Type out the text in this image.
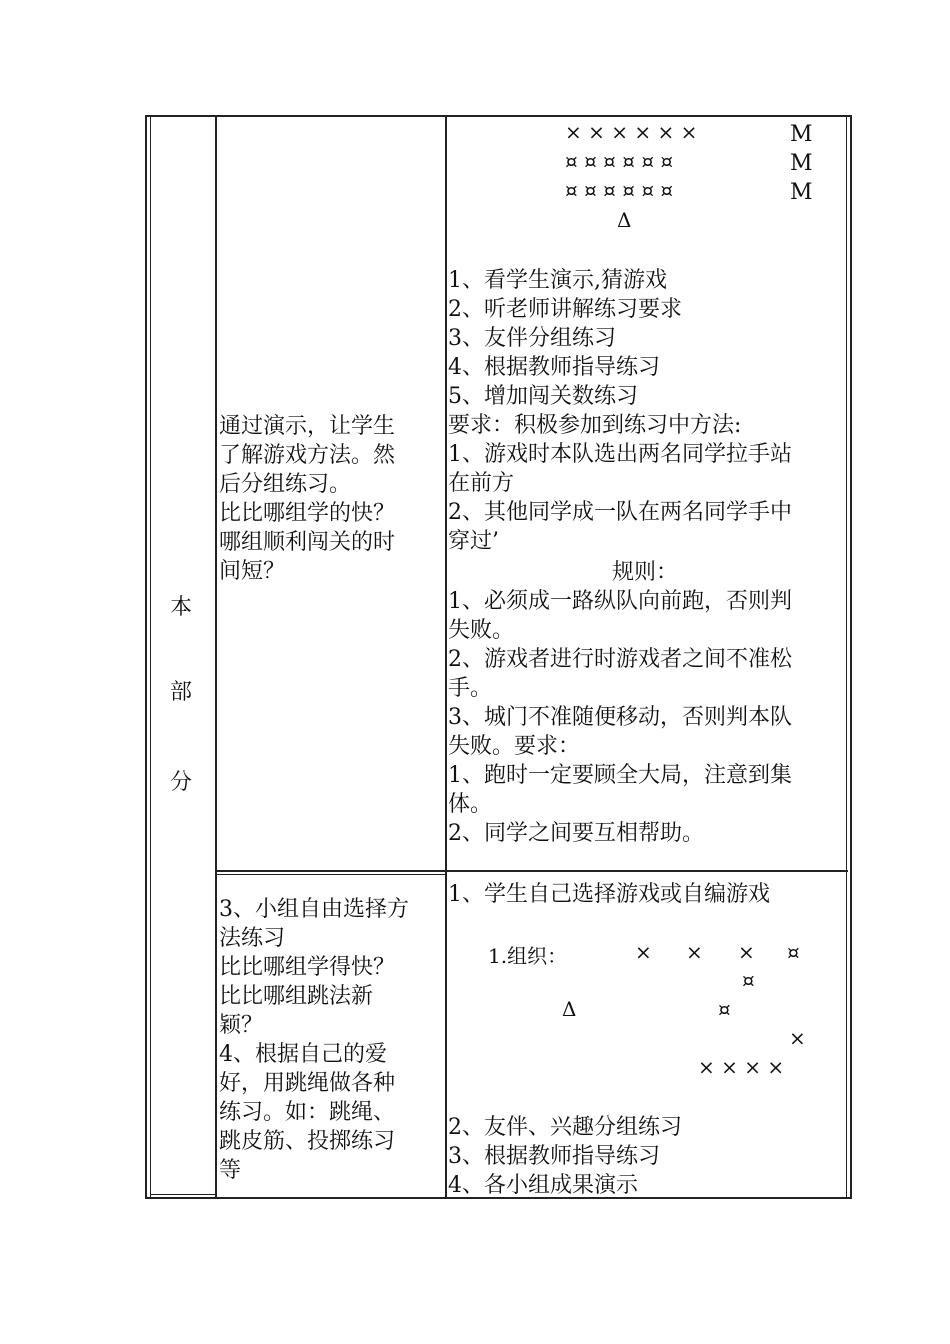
本
部
分
通过演示，让学生
了解游戏方法。然
后分组练习。
比比哪组学的快？
哪组顺利闯关的时
间短？
× × × × × ×
¤ ¤ ¤ ¤ ¤ ¤
¤ ¤ ¤ ¤ ¤ ¤
M
M
M
Δ
1、看学生演示,猜游戏
2、听老师讲解练习要求
3、友伴分组练习
4、根据教师指导练习
5、增加闯关数练习
要求：积极参加到练习中方法:
1、游戏时本队选出两名同学拉手站
在前方
2、其他同学成一队在两名同学手中
穿过’
规则：
1、必须成一路纵队向前跑，否则判
失败。
2、游戏者进行时游戏者之间不准松
手。
3、城门不准随便移动，否则判本队
失败。要求：
1、跑时一定要顾全大局，注意到集
体。
2、同学之间要互相帮助。
3、小组自由选择方
法练习
比比哪组学得快？
比比哪组跳法新
颖？
4、根据自己的爱
好，用跳绳做各种
练习。如：跳绳、
跳皮筋、投掷练习
等
1、学生自己选择游戏或自编游戏
1.组织：	× × × ¤
¤
Δ	¤
×
× × × ×
2、友伴、兴趣分组练习
3、根据教师指导练习
4、各小组成果演示
